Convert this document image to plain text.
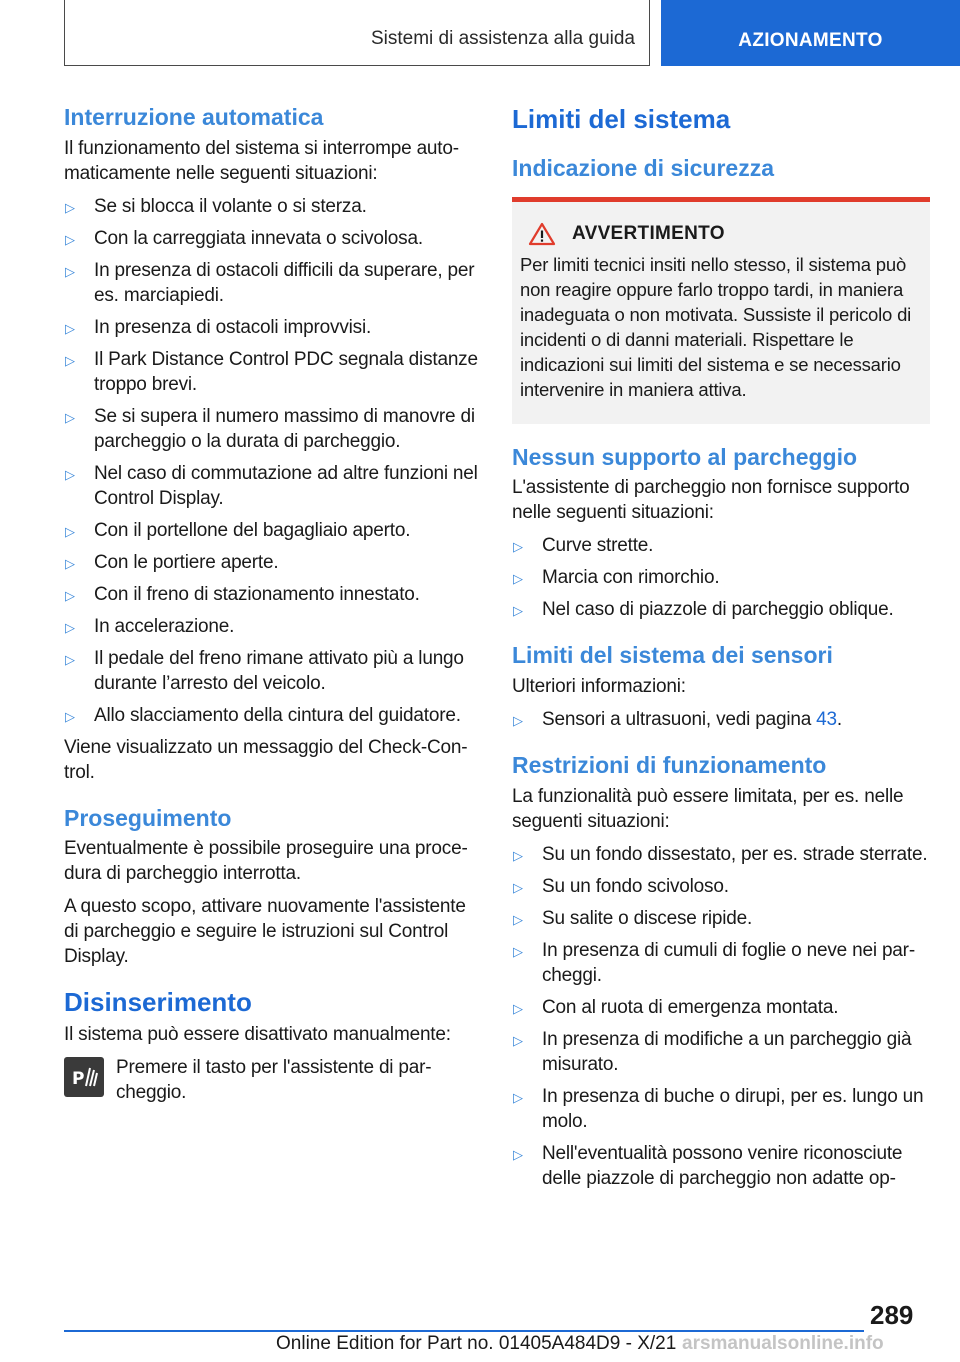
Sistemi di assistenza alla guida	AZIONAMENTO
Interruzione automatica

Il funzionamento del sistema si interrompe automaticamente nelle seguenti situazioni:

▷ Se si blocca il volante o si sterza.
▷ Con la carreggiata innevata o scivolosa.
▷ In presenza di ostacoli difficili da superare, per es. marciapiedi.
▷ In presenza di ostacoli improvvisi.
▷ Il Park Distance Control PDC segnala distanze troppo brevi.
▷ Se si supera il numero massimo di manovre di parcheggio o la durata di parcheggio.
▷ Nel caso di commutazione ad altre funzioni nel Control Display.
▷ Con il portellone del bagagliaio aperto.
▷ Con le portiere aperte.
▷ Con il freno di stazionamento innestato.
▷ In accelerazione.
▷ Il pedale del freno rimane attivato più a lungo durante l’arresto del veicolo.
▷ Allo slacciamento della cintura del guidatore.

Viene visualizzato un messaggio del Check-Control.

Proseguimento

Eventualmente è possibile proseguire una procedura di parcheggio interrotta.

A questo scopo, attivare nuovamente l'assistente di parcheggio e seguire le istruzioni sul Control Display.

Disinserimento

Il sistema può essere disattivato manualmente:

P
Premere il tasto per l'assistente di parcheggio.
Limiti del sistema
Indicazione di sicurezza
AVVERTIMENTO

Per limiti tecnici insiti nello stesso, il sistema può non reagire oppure farlo troppo tardi, in maniera inadeguata o non motivata. Sussiste il pericolo di incidenti o di danni materiali. Rispettare le indicazioni sui limiti del sistema e se necessario intervenire in maniera attiva.

Nessun supporto al parcheggio

L'assistente di parcheggio non fornisce supporto nelle seguenti situazioni:

▷ Curve strette.
▷ Marcia con rimorchio.
▷ Nel caso di piazzole di parcheggio oblique.
Limiti del sistema dei sensori

Ulteriori informazioni:

▷ Sensori a ultrasuoni, vedi pagina 43.
Restrizioni di funzionamento

La funzionalità può essere limitata, per es. nelle seguenti situazioni:

▷ Su un fondo dissestato, per es. strade sterrate.
▷ Su un fondo scivoloso.
▷ Su salite o discese ripide.
▷ In presenza di cumuli di foglie o neve nei parcheggi.
▷ Con al ruota di emergenza montata.
▷ In presenza di modifiche a un parcheggio già misurato.
▷ In presenza di buche o dirupi, per es. lungo un molo.
▷ Nell'eventualità possono venire riconosciute delle piazzole di parcheggio non adatte op-
289
Online Edition for Part no. 01405A484D9 - X/21 arsmanualsonline.info
